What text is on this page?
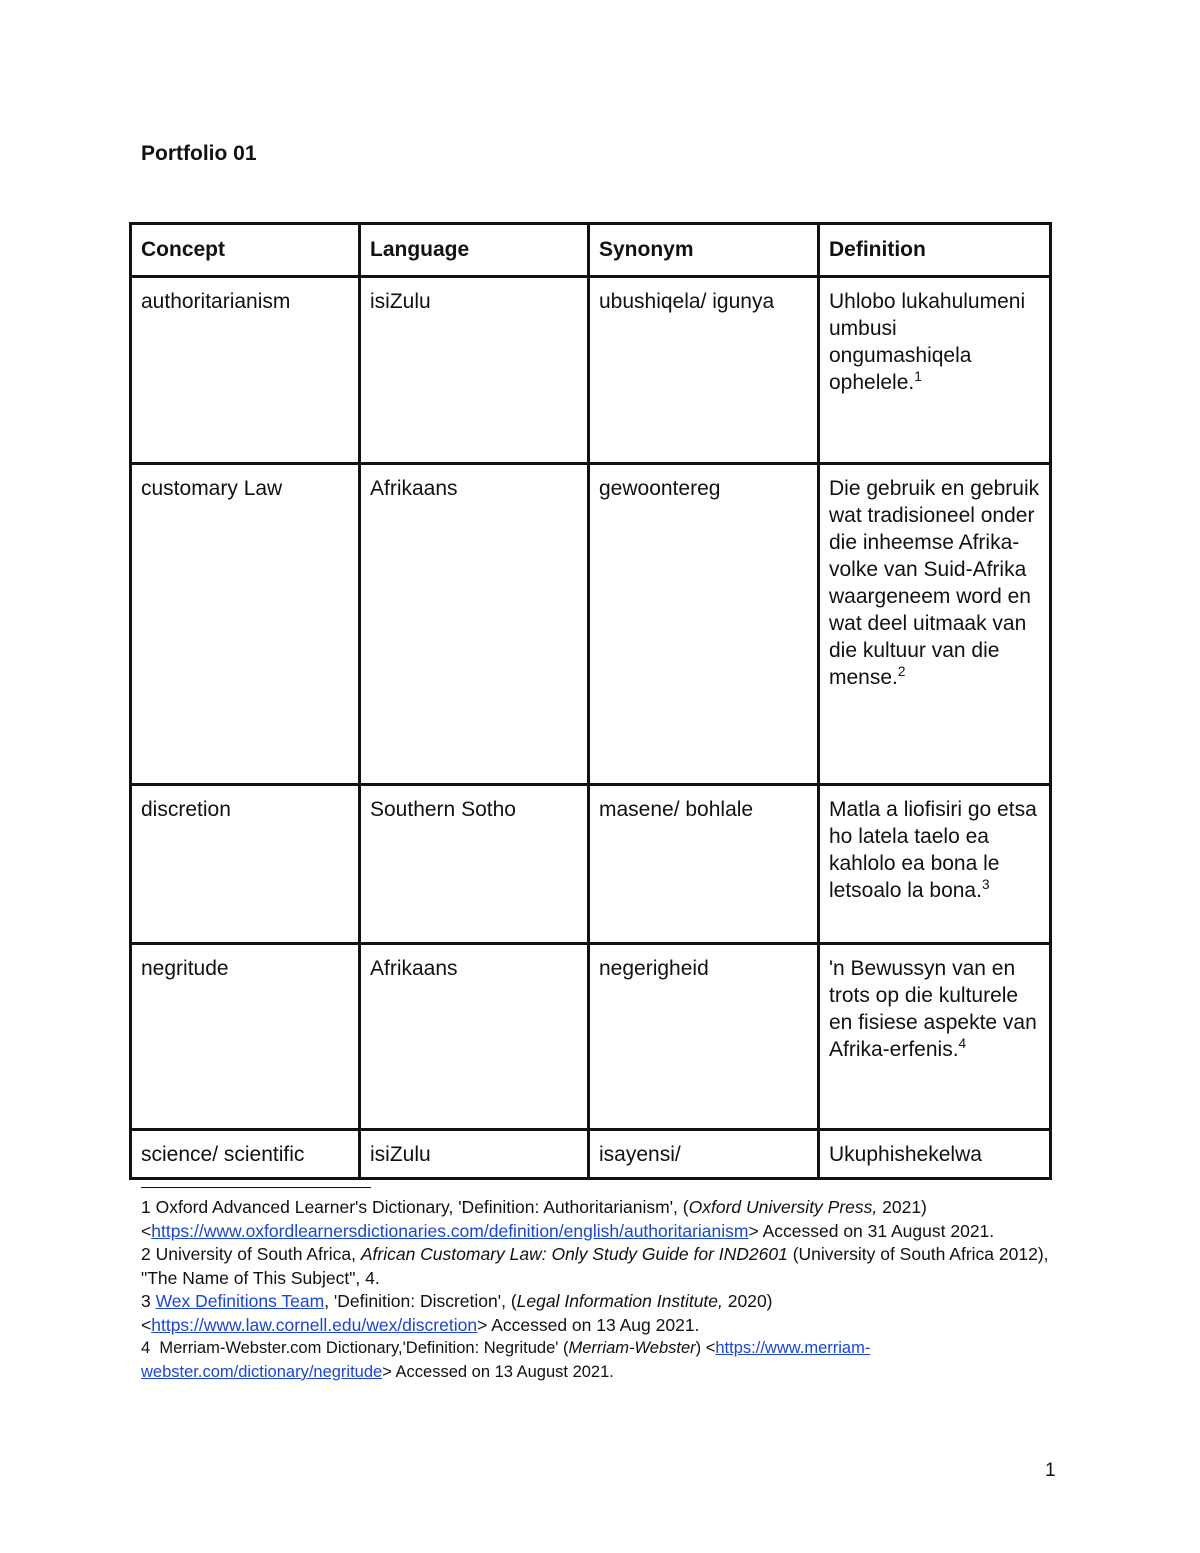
Portfolio 01
Concept	Language	Synonym	Definition
authoritarianism	isiZulu	ubushiqela/ igunya	Uhlobo lukahulumeni umbusi ongumashiqela ophelele.$^1$
customary Law	Afrikaans	gewoontereg	Die gebruik en gebruik wat tradisioneel onder die inheemse Afrika-volke van Suid-Afrika waargeneem word en wat deel uitmaak van die kultuur van die mense.$^2$
discretion	Southern Sotho	masene/ bohlale	Matla a liofisiri go etsa ho latela taelo ea kahlolo ea bona le letsoalo la bona.$^3$
negritude	Afrikaans	negerigheid	'n Bewussyn van en trots op die kulturele en fisiese aspekte van Afrika-erfenis.$^4$
science/ scientific	isiZulu	isayensi/	Ukuphishekelwa

1 Oxford Advanced Learner's Dictionary, 'Definition: Authoritarianism', (Oxford University Press, 2021) <https://www.oxfordlearnersdictionaries.com/definition/english/authoritarianism> Accessed on 31 August 2021.

2 University of South Africa, African Customary Law: Only Study Guide for IND2601 (University of South Africa 2012), "The Name of This Subject", 4.

3 Wex Definitions Team, 'Definition: Discretion', (Legal Information Institute, 2020) <https://www.law.cornell.edu/wex/discretion> Accessed on 13 Aug 2021.

4 Merriam-Webster.com Dictionary,'Definition: Negritude' (Merriam-Webster) <https://www.merriam-webster.com/dictionary/negritude> Accessed on 13 August 2021.

1
